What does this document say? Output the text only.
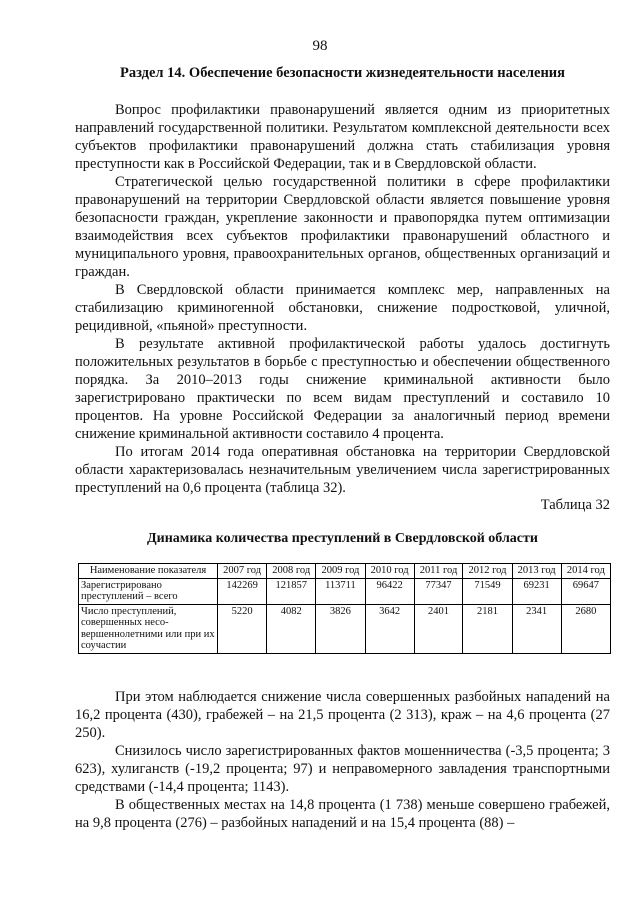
98
Раздел 14. Обеспечение безопасности жизнедеятельности населения

Вопрос профилактики правонарушений является одним из приоритетных направлений государственной политики. Результатом комплексной деятельности всех субъектов профилактики правонарушений должна стать стабилизация уровня преступности как в Российской Федерации, так и в Свердловской области.

Стратегической целью государственной политики в сфере профилактики правонарушений на территории Свердловской области является повышение уровня безопасности граждан, укрепление законности и правопорядка путем оптимизации взаимодействия всех субъектов профилактики правонарушений областного и муниципального уровня, правоохранительных органов, общественных организаций и граждан.

В Свердловской области принимается комплекс мер, направленных на стабилизацию криминогенной обстановки, снижение подростковой, уличной, рецидивной, «пьяной» преступности.

В результате активной профилактической работы удалось достигнуть положительных результатов в борьбе с преступностью и обеспечении общественного порядка. За 2010–2013 годы снижение криминальной активности было зарегистрировано практически по всем видам преступлений и составило 10 процентов. На уровне Российской Федерации за аналогичный период времени снижение криминальной активности составило 4 процента.

По итогам 2014 года оперативная обстановка на территории Свердловской области характеризовалась незначительным увеличением числа зарегистрированных преступлений на 0,6 процента (таблица 32).

Таблица 32
Динамика количества преступлений в Свердловской области
Наименование показателя	2007 год	2008 год	2009 год	2010 год	2011 год	2012 год	2013 год	2014 год
Зарегистрировано преступлений – всего	142269	121857	113711	96422	77347	71549	69231	69647
Число преступлений, совершенных несо-вершеннолетними или при их соучастии	5220	4082	3826	3642	2401	2181	2341	2680

При этом наблюдается снижение числа совершенных разбойных нападений на 16,2 процента (430), грабежей – на 21,5 процента (2 313), краж – на 4,6 процента (27 250).

Снизилось число зарегистрированных фактов мошенничества (-3,5 процента; 3 623), хулиганств (-19,2 процента; 97) и неправомерного завладения транспортными средствами (-14,4 процента; 1143).

В общественных местах на 14,8 процента (1 738) меньше совершено грабежей, на 9,8 процента (276) – разбойных нападений и на 15,4 процента (88) –
